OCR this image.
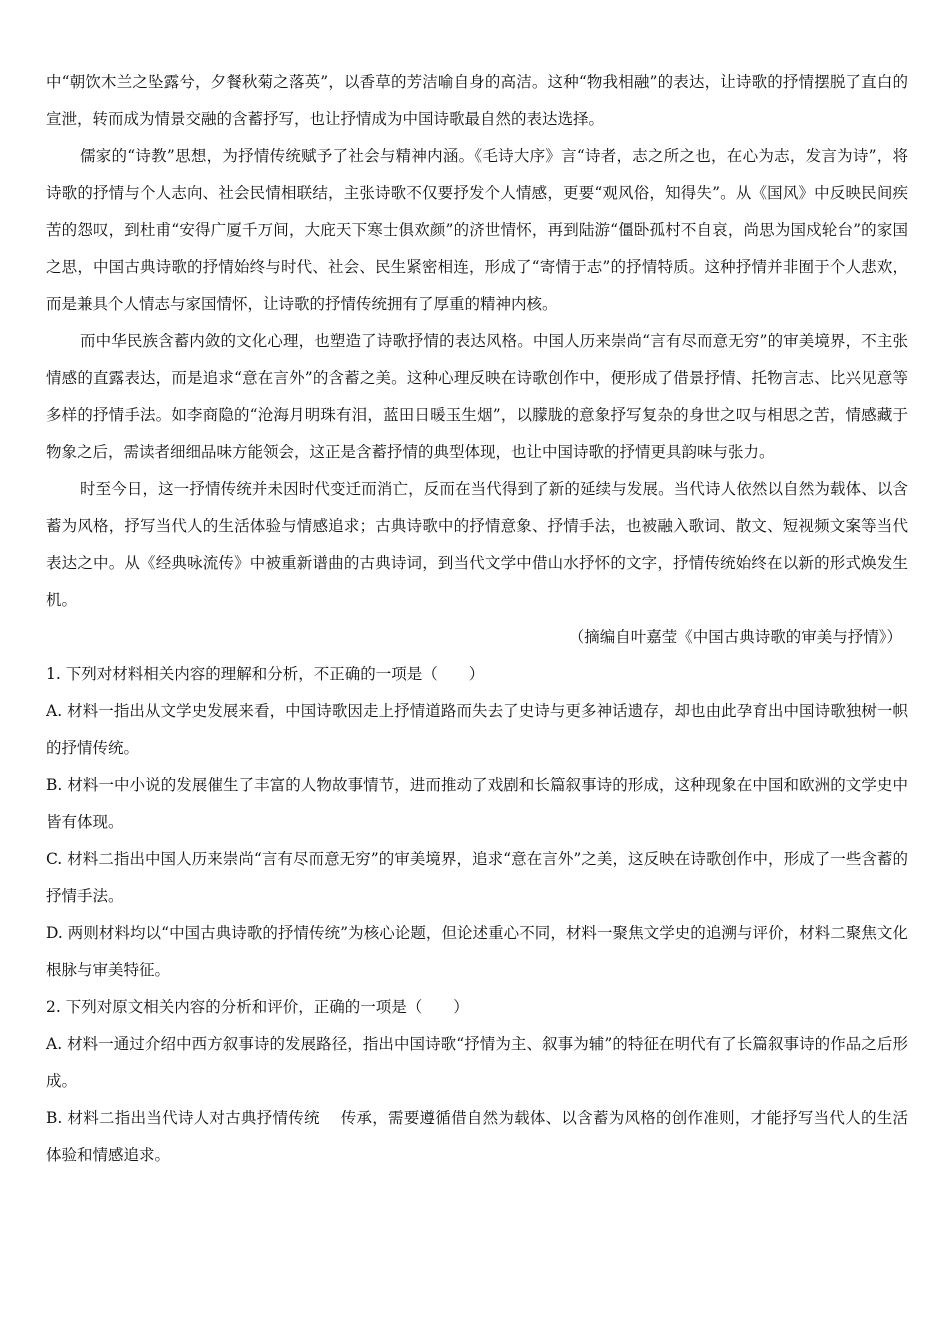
中“朝饮木兰之坠露兮，夕餐秋菊之落英”，以香草的芳洁喻自身的高洁。这种“物我相融”的表达，让诗歌的抒情摆脱了直白的宣泄，转而成为情景交融的含蓄抒写，也让抒情成为中国诗歌最自然的表达选择。

儒家的“诗教”思想，为抒情传统赋予了社会与精神内涵。《毛诗大序》言“诗者，志之所之也，在心为志，发言为诗”，将诗歌的抒情与个人志向、社会民情相联结，主张诗歌不仅要抒发个人情感，更要“观风俗，知得失”。从《国风》中反映民间疾苦的怨叹，到杜甫“安得广厦千万间，大庇天下寒士俱欢颜”的济世情怀，再到陆游“僵卧孤村不自哀，尚思为国戍轮台”的家国之思，中国古典诗歌的抒情始终与时代、社会、民生紧密相连，形成了“寄情于志”的抒情特质。这种抒情并非囿于个人悲欢，而是兼具个人情志与家国情怀，让诗歌的抒情传统拥有了厚重的精神内核。

而中华民族含蓄内敛的文化心理，也塑造了诗歌抒情的表达风格。中国人历来崇尚“言有尽而意无穷”的审美境界，不主张情感的直露表达，而是追求“意在言外”的含蓄之美。这种心理反映在诗歌创作中，便形成了借景抒情、托物言志、比兴见意等多样的抒情手法。如李商隐的“沧海月明珠有泪，蓝田日暖玉生烟”，以朦胧的意象抒写复杂的身世之叹与相思之苦，情感藏于物象之后，需读者细细品味方能领会，这正是含蓄抒情的典型体现，也让中国诗歌的抒情更具韵味与张力。

时至今日，这一抒情传统并未因时代变迁而消亡，反而在当代得到了新的延续与发展。当代诗人依然以自然为载体、以含蓄为风格，抒写当代人的生活体验与情感追求；古典诗歌中的抒情意象、抒情手法，也被融入歌词、散文、短视频文案等当代表达之中。从《经典咏流传》中被重新谱曲的古典诗词，到当代文学中借山水抒怀的文字，抒情传统始终在以新的形式焕发生机。

（摘编自叶嘉莹《中国古典诗歌的审美与抒情》）

1. 下列对材料相关内容的理解和分析，不正确的一项是（　　）

A. 材料一指出从文学史发展来看，中国诗歌因走上抒情道路而失去了史诗与更多神话遗存，却也由此孕育出中国诗歌独树一帜的抒情传统。

B. 材料一中小说的发展催生了丰富的人物故事情节，进而推动了戏剧和长篇叙事诗的形成，这种现象在中国和欧洲的文学史中皆有体现。

C. 材料二指出中国人历来崇尚“言有尽而意无穷”的审美境界，追求“意在言外”之美，这反映在诗歌创作中，形成了一些含蓄的抒情手法。

D. 两则材料均以“中国古典诗歌的抒情传统”为核心论题，但论述重心不同，材料一聚焦文学史的追溯与评价，材料二聚焦文化根脉与审美特征。

2. 下列对原文相关内容的分析和评价，正确的一项是（　　）

A. 材料一通过介绍中西方叙事诗的发展路径，指出中国诗歌“抒情为主、叙事为辅”的特征在明代有了长篇叙事诗的作品之后形成。

B. 材料二指出当代诗人对古典抒情传统　 传承，需要遵循借自然为载体、以含蓄为风格的创作准则，才能抒写当代人的生活体验和情感追求。
